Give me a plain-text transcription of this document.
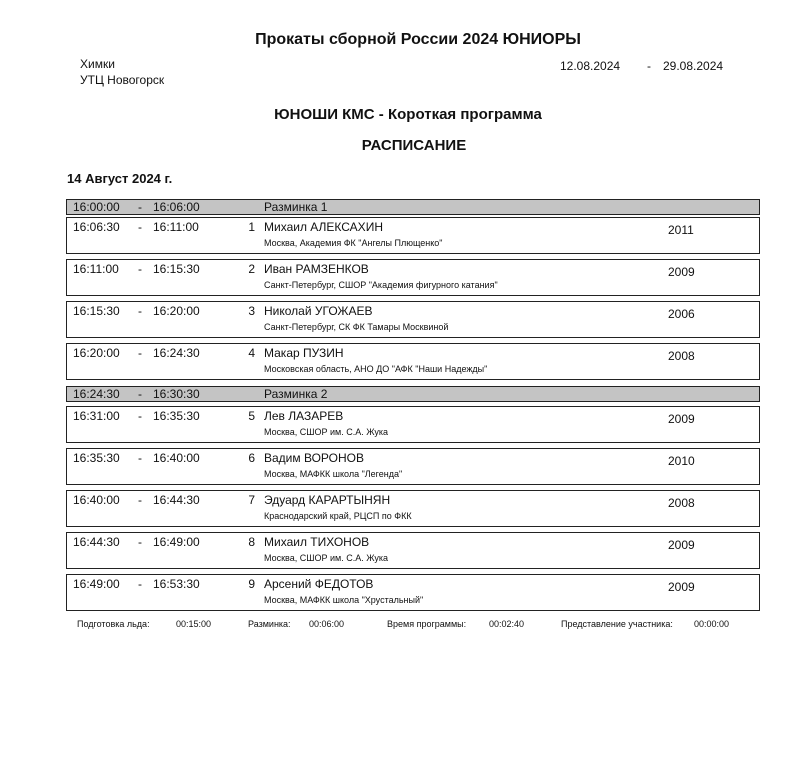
Прокаты сборной России 2024 ЮНИОРЫ
Химки
УТЦ Новогорск
12.08.2024 - 29.08.2024
ЮНОШИ КМС - Короткая программа
РАСПИСАНИЕ
14 Август 2024 г.
16:00:00 - 16:06:00	Разминка 1
16:06:30 - 16:11:00	1 Михаил АЛЕКСАХИН
Москва, Академия ФК "Ангелы Плющенко"
2011
16:11:00 - 16:15:30	2 Иван РАМЗЕНКОВ
Санкт-Петербург, СШОР "Академия фигурного катания"
2009
16:15:30 - 16:20:00	3 Николай УГОЖАЕВ
Санкт-Петербург, СК ФК Тамары Москвиной
2006
16:20:00 - 16:24:30	4 Макар ПУЗИН
Московская область, АНО ДО "АФК "Наши Надежды"
2008
16:24:30 - 16:30:30	Разминка 2
16:31:00 - 16:35:30	5 Лев ЛАЗАРЕВ
Москва, СШОР им. С.А. Жука
2009
16:35:30 - 16:40:00	6 Вадим ВОРОНОВ
Москва, МАФКК школа "Легенда"
2010
16:40:00 - 16:44:30	7 Эдуард КАРАРТЫНЯН
Краснодарский край, РЦСП по ФКК
2008
16:44:30 - 16:49:00	8 Михаил ТИХОНОВ
Москва, СШОР им. С.А. Жука
2009
16:49:00 - 16:53:30	9 Арсений ФЕДОТОВ
Москва, МАФКК школа "Хрустальный"
2009
Подготовка льда:	00:15:00	Разминка: 00:06:00	Время программы:	00:02:40	Представление участника: 00:00:00
